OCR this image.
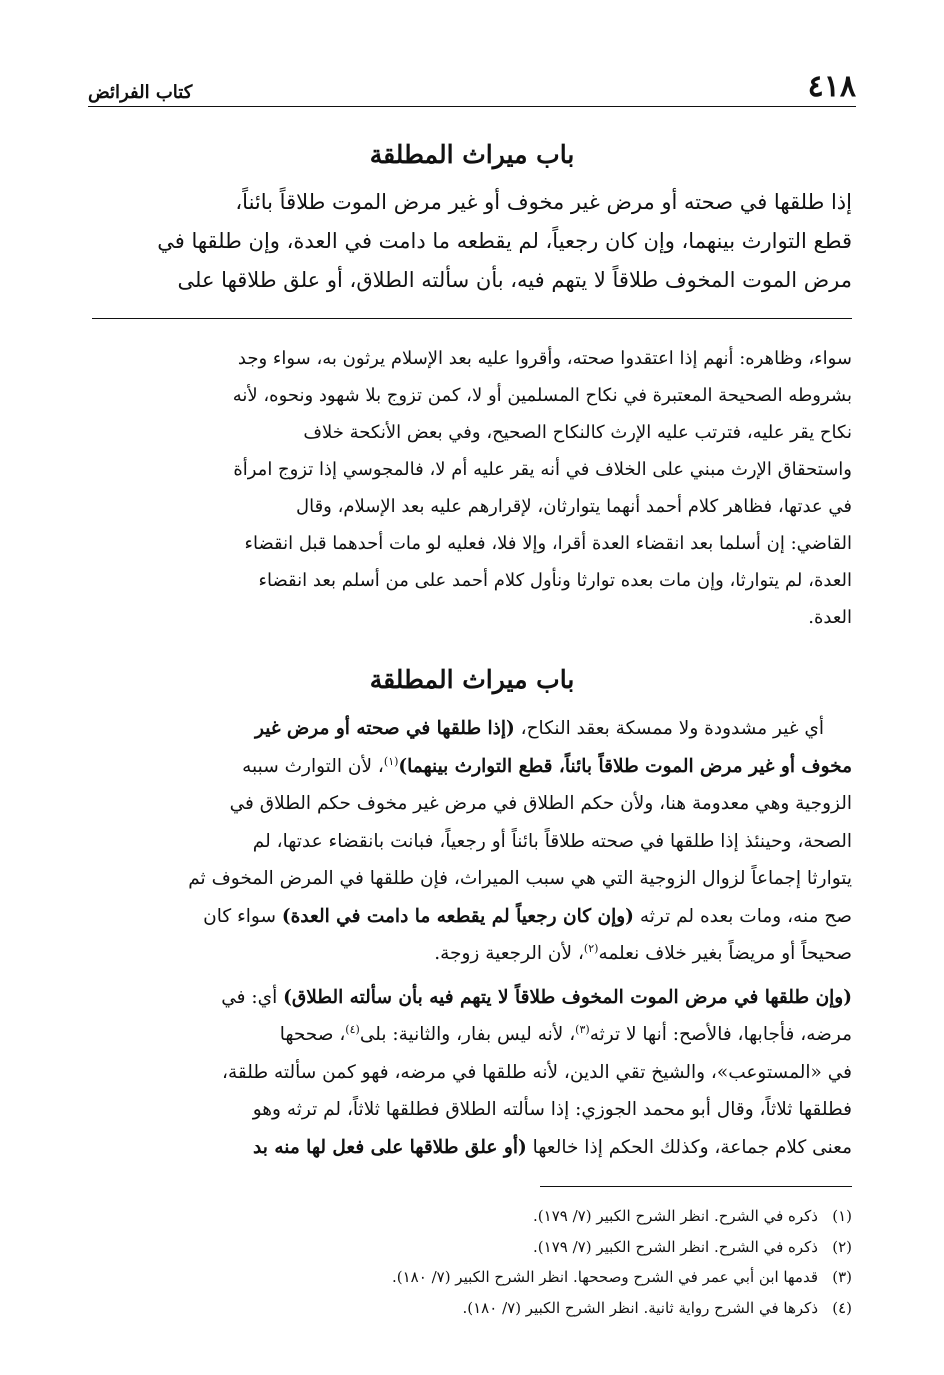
٤١٨
كتاب الفرائض
باب ميراث المطلقة

إذا طلقها في صحته أو مرض غير مخوف أو غير مرض الموت طلاقاً بائناً،

قطع التوارث بينهما، وإن كان رجعياً، لم يقطعه ما دامت في العدة، وإن طلقها في

مرض الموت المخوف طلاقاً لا يتهم فيه، بأن سألته الطلاق، أو علق طلاقها على

سواء، وظاهره: أنهم إذا اعتقدوا صحته، وأقروا عليه بعد الإسلام يرثون به، سواء وجد

بشروطه الصحيحة المعتبرة في نكاح المسلمين أو لا، كمن تزوج بلا شهود ونحوه، لأنه

نكاح يقر عليه، فترتب عليه الإرث كالنكاح الصحيح، وفي بعض الأنكحة خلاف

واستحقاق الإرث مبني على الخلاف في أنه يقر عليه أم لا، فالمجوسي إذا تزوج امرأة

في عدتها، فظاهر كلام أحمد أنهما يتوارثان، لإقرارهم عليه بعد الإسلام، وقال

القاضي: إن أسلما بعد انقضاء العدة أقرا، وإلا فلا، فعليه لو مات أحدهما قبل انقضاء

العدة، لم يتوارثا، وإن مات بعده توارثا ونأول كلام أحمد على من أسلم بعد انقضاء

العدة.

باب ميراث المطلقة

أي غير مشدودة ولا ممسكة بعقد النكاح، (إذا طلقها في صحته أو مرض غير

مخوف أو غير مرض الموت طلاقاً بائناً، قطع التوارث بينهما)$^{(١)}$، لأن التوارث سببه

الزوجية وهي معدومة هنا، ولأن حكم الطلاق في مرض غير مخوف حكم الطلاق في

الصحة، وحينئذ إذا طلقها في صحته طلاقاً بائناً أو رجعياً، فبانت بانقضاء عدتها، لم

يتوارثا إجماعاً لزوال الزوجية التي هي سبب الميراث، فإن طلقها في المرض المخوف ثم

صح منه، ومات بعده لم ترثه (وإن كان رجعياً لم يقطعه ما دامت في العدة) سواء كان

صحيحاً أو مريضاً بغير خلاف نعلمه$^{(٢)}$، لأن الرجعية زوجة.

(وإن طلقها في مرض الموت المخوف طلاقاً لا يتهم فيه بأن سألته الطلاق) أي: في

مرضه، فأجابها، فالأصح: أنها لا ترثه$^{(٣)}$، لأنه ليس بفار، والثانية: بلى$^{(٤)}$، صححها

في «المستوعب»، والشيخ تقي الدين، لأنه طلقها في مرضه، فهو كمن سألته طلقة،

فطلقها ثلاثاً، وقال أبو محمد الجوزي: إذا سألته الطلاق فطلقها ثلاثاً، لم ترثه وهو

معنى كلام جماعة، وكذلك الحكم إذا خالعها (أو علق طلاقها على فعل لها منه بد

(١)
ذكره في الشرح. انظر الشرح الكبير (٧/ ١٧٩).
(٢)
ذكره في الشرح. انظر الشرح الكبير (٧/ ١٧٩).
(٣)
قدمها ابن أبي عمر في الشرح وصححها. انظر الشرح الكبير (٧/ ١٨٠).
(٤)
ذكرها في الشرح رواية ثانية. انظر الشرح الكبير (٧/ ١٨٠).
